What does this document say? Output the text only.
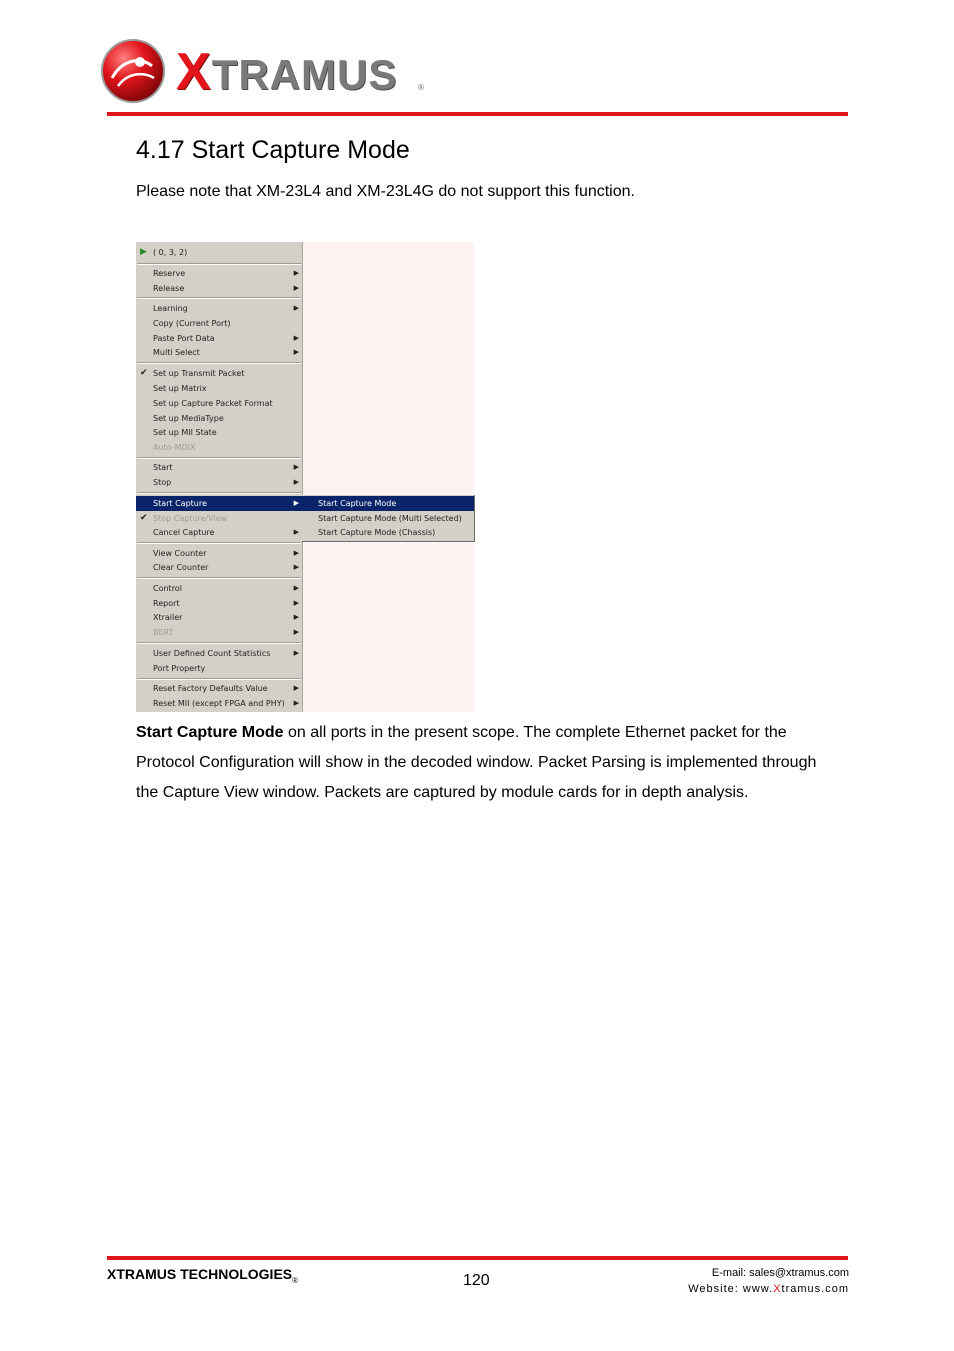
XTRAMUS	®
4.17 Start Capture Mode
Please note that XM-23L4 and XM-23L4G do not support this function.
▶ ( 0, 3, 2)
Reserve	▶
Release	▶
Learning	▶
Copy (Current Port)
Paste Port Data	▶
Multi Select	▶
✔ Set up Transmit Packet
Set up Matrix
Set up Capture Packet Format
Set up MediaType
Set up MII State
Auto-MDIX
Start	▶
Stop	▶
Start Capture	▶
✔ Stop Capture/View
Cancel Capture	▶
View Counter	▶
Clear Counter	▶
Control	▶
Report	▶
Xtrailer	▶
BERT	▶
User Defined Count Statistics	▶
Port Property
Reset Factory Defaults Value	▶
Reset MII (except FPGA and PHY) ▶
Start Capture Mode
Start Capture Mode (Multi Selected)
Start Capture Mode (Chassis)
Start Capture Mode on all ports in the present scope. The complete Ethernet packet for the Protocol Configuration will show in the decoded window. Packet Parsing is implemented through the Capture View window. Packets are captured by module cards for in depth analysis.
XTRAMUS $TECHNOLOGIES_®$	120	E-mail: sales@xtramus.com
Website: www.Xtramus.com
